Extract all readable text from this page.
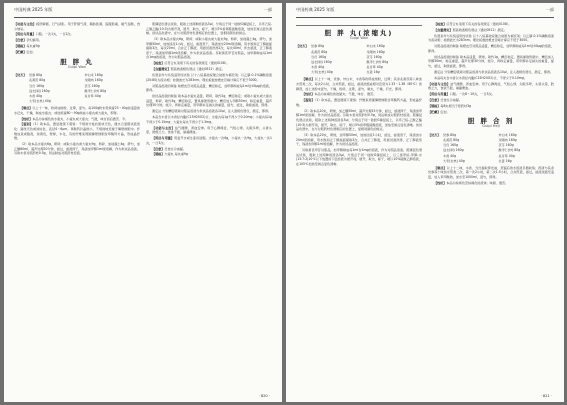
中国药典 2025 年版	一部

【功能与主治】疏肝解郁，行气消胀。用于肝郁气滞，胸胁胀满，脘腹胀痛，嗳气吞酸，食少纳呆。

【用法与用量】口服。一次1丸，一日2次。

【注意】孕妇慎用。

【规格】每丸重9g

【贮藏】密封。

胆 胖 丸
Guipi Wan
【处方】	党参 80g	炒白术 160g
	炙黄芪 80g	龙眼肉 160g
	当归 160g	茯苓 160g
	远志(制) 160g	酸枣仁(炒) 80g
	木香 40g	炙甘草 40g
	大枣(去核) 40g	

【制法】以上十一味，粉碎成细粉，过筛，混匀。每100g粉末用炼蜜25～40g加适量的水泛丸，干燥，制成水蜜丸；或加炼蜜80～90g制成小蜜丸或大蜜丸，即得。

【性状】本品为棕褐色的水蜜丸、小蜜丸或大蜜丸；气微，味甘而后微苦、辛。

【鉴别】（1）取本品，置显微镜下观察：不规则分枝状团块无色，遇水合氯醛试液溶化；菌丝无色或淡棕色，直径4～6μm。草酸钙针晶细小，不规则地充塞于薄壁细胞中。纤维成束或散离，淡黄色，壁厚，木化，有的纤维束周围薄壁细胞含草酸钙方晶，形成晶纤维。

（2）取本品水蜜丸6g，研碎；或取小蜜丸或大蜜丸9g，剪碎，加硅藻土4g，研匀，加乙醚60ml，超声处理20分钟，滤过，滤液挥干，残渣加甲醇1ml使溶解，作为供试品溶液。另取木香对照药材0.5g，同法制成对照药材溶液。

照薄层色谱法试验，吸取上述两种溶液各5μl，分别点于同一硅胶G薄层板上，以环己烷-乙酸乙酯(10:3)为展开剂，展开，取出，晾干，喷以5%香草醛硫酸溶液，加热至斑点显色清晰。供试品色谱中，在与对照药材色谱相应的位置上，显相同颜色的斑点。

（3）取本品水蜜丸6g，研碎；或取小蜜丸或大蜜丸9g，剪碎，加硅藻土4g，研匀，加甲醇50ml，加热回流1小时，滤过，滤液蒸干，残渣加水20ml使溶解，用水饱和正丁醇振摇提取3次，每次20ml，合并正丁醇液，用氨试液洗涤2次，每次40ml，弃去氨液，正丁醇液蒸干，残渣加甲醇1ml使溶解，作为供试品溶液。另取黄芪甲苷对照品，加甲醇制成每1ml含1mg的溶液，作为对照品溶液。

【检查】应符合丸剂项下有关的各项规定（通则0108）。

【含量测定】照高效液相色谱法（通则0512）测定。

色谱条件与系统适用性试验 以十八烷基硅烷键合硅胶为填充剂；以乙腈-0.1%磷酸溶液(20:80)为流动相；检测波长为283nm。理论板数按橙皮苷峰计算应不低于3000。

对照品溶液的制备 取橙皮苷对照品适量，精密称定，加甲醇制成每1ml含40μg的溶液，即得。

供试品溶液的制备 取本品水蜜丸适量，研碎，取约2g，精密称定；或取小蜜丸或大蜜丸适量，剪碎，取约3g，精密称定，置具塞锥形瓶中，精密加入甲醇50ml，称定重量，超声处理30分钟，放冷，再称定重量，用甲醇补足减失的重量，摇匀，滤过，取续滤液，即得。

测定法 分别精密吸取对照品溶液与供试品溶液各10μl，注入液相色谱仪，测定，即得。

本品含木香以木香烃内酯(C15H20O2)计，水蜜丸每1g不得少于0.20mg；小蜜丸每1g不得少于0.15mg；大蜜丸每丸不得少于1.3mg。

【功能与主治】益气健脾，养血安神。用于心脾两虚，气短心悸，失眠多梦，头昏头晕，肢倦乏力，食欲不振，崩漏便血。

【用法与用量】用温开水或生姜汤送服。水蜜丸一次6g，小蜜丸一次9g，大蜜丸一次1丸，一日3次。

【注意】忌食生冷油腻。

【规格】大蜜丸 每丸重9g

· 820 ·
中国药典 2025 年版	一部
胆 胖 丸(浓缩丸)
Guipi Wan
【处方】	党参 80g	炒白术 160g
	炙黄芪 80g	龙眼肉 160g
	当归 160g	茯苓 160g
	远志(制) 160g	酸枣仁(炒) 80g
	木香 40g	炙甘草 40g
	大枣(去核) 40g	生姜 16g

【制法】以上十一味，党参、炒白术、木香等粉碎成细粉，过筛；其余炙黄芪等八味加水煎煮二次，每次2小时，合并煎液，滤过，滤液浓缩成相对密度为1.33～1.38（80℃）的稠膏，加上述粉末混匀，干燥，粉碎，过筛，混匀，制丸，干燥，打光，即得。

【性状】本品为棕褐色的浓缩丸；气微，味甘、微苦。

【鉴别】（1）取本品，置显微镜下观察：纤维束周围薄壁细胞含草酸钙方晶，形成晶纤维。

（2）取本品10丸，研细，加乙醚50ml，超声处理15分钟，滤过，滤液挥干，残渣加甲醇1ml使溶解，作为供试品溶液。另取木香对照药材0.5g，同法制成对照药材溶液。照薄层色谱法试验，吸取上述两种溶液各5μl，分别点于同一硅胶G薄层板上，以环己烷-乙酸乙酯(10:3)为展开剂，展开，取出，晾干，喷以5%香草醛硫酸溶液，加热至斑点显色清晰。供试品色谱中，在与对照药材色谱相应的位置上，显相同颜色的斑点。

（3）取本品20丸，研细，加甲醇50ml，加热回流1小时，滤过，滤液蒸干，残渣加水20ml使溶解，用水饱和正丁醇振摇提取3次，合并正丁醇液，用氨试液洗涤，正丁醇液蒸干，残渣加甲醇1ml使溶解，作为供试品溶液。

另取黄芪甲苷对照品，加甲醇制成每1ml含1mg的溶液，作为对照品溶液。照薄层色谱法试验，吸取上述两种溶液各5μl，分别点于同一硅胶G薄层板上，以三氯甲烷-甲醇-水(13:7:2)10℃以下放置的下层溶液为展开剂，展开，取出，晾干，喷以10%硫酸乙醇溶液，在105℃加热至斑点显色清晰。

【检查】应符合丸剂项下有关的各项规定（通则0108）。

【含量测定】照高效液相色谱法（通则0512）测定。

色谱条件与系统适用性试验 以十八烷基硅烷键合硅胶为填充剂；以乙腈-0.1%磷酸溶液为流动相；检测波长为283nm。理论板数按橙皮苷峰计算应不低于3000。

对照品溶液的制备 取橙皮苷对照品适量，精密称定，加甲醇制成每1ml含40μg的溶液，即得。

供试品溶液的制备 取本品适量，研细，取约1g，精密称定，置具塞锥形瓶中，精密加入甲醇50ml，称定重量，超声处理30分钟，放冷，再称定重量，用甲醇补足减失的重量，摇匀，滤过，取续滤液，即得。

测定法 分别精密吸取对照品溶液与供试品溶液各10μl，注入液相色谱仪，测定，即得。

本品每丸含木香以木香烃内酯(C15H20O2)计，不得少于0.10mg。

【功能与主治】益气健脾，养血安神。用于心脾两虚，气短心悸，失眠多梦，头昏头晕，肢倦乏力，食欲不振，崩漏便血。

【用法与用量】口服。一次8～10丸，一日3次。

【注意】忌食生冷油腻。

【规格】每8丸相当于原药材3g

【贮藏】密封。

胆 胖 合 剂
Guipi Heji
【处方】	党参 80g	炒白术 160g
	炙黄芪 80g	龙眼肉 160g
	当归 160g	茯苓 160g
	远志(制) 160g	酸枣仁(炒) 80g
	木香 40g	炙甘草 40g
	大枣(去核) 40g	生姜 16g

【制法】以上十二味，木香、当归提取挥发油，蒸馏后的水溶液另器收集；药渣与其余党参等十味加水煎煮二次，第一次2小时，第二次1.5小时，合并煎液，滤过，滤液浓缩至适量，加入苯甲酸钠，加水至1000ml，混匀，即得。

【性状】本品为棕黄色至棕褐色的液体；味甜、微苦。

· 821 ·
